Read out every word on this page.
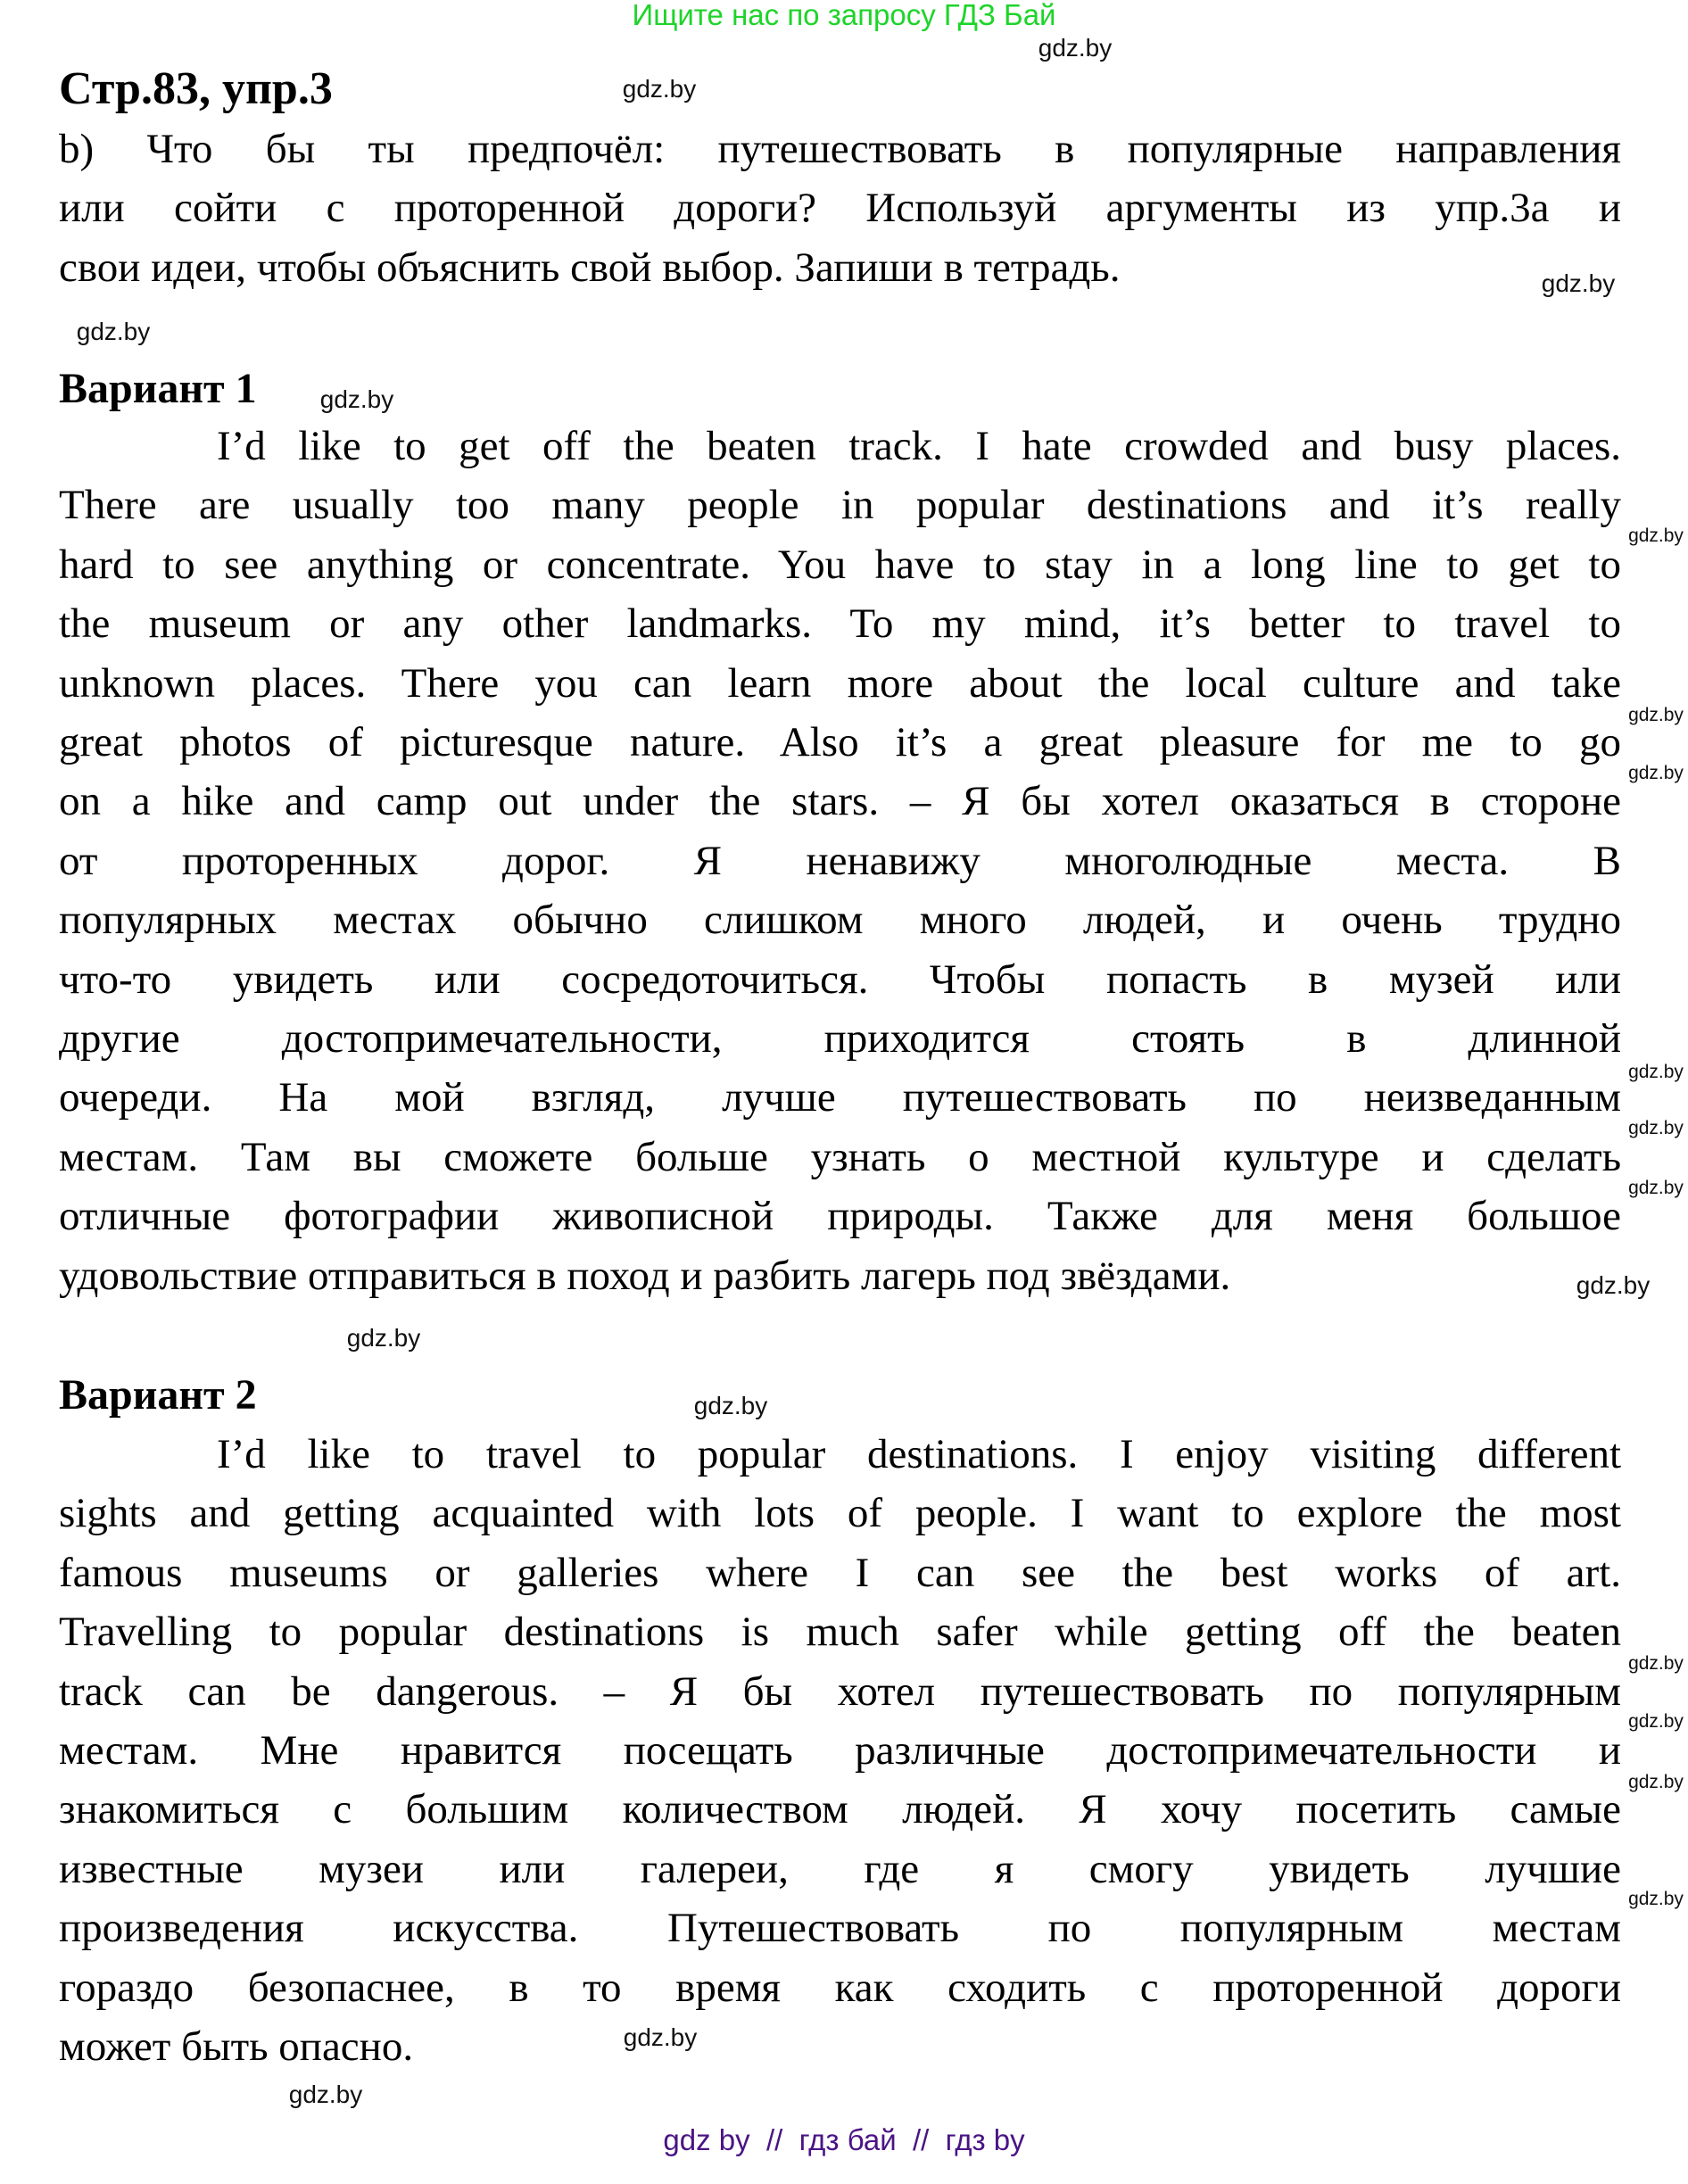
Ищите нас по запросу ГДЗ Бай
Стр.83, упр.3
b) Что бы ты предпочёл: путешествовать в популярные направления
или сойти с проторенной дороги? Используй аргументы из упр.3а и
свои идеи, чтобы объяснить свой выбор. Запиши в тетрадь.
Вариант 1
I’d like to get off the beaten track. I hate crowded and busy places.
There are usually too many people in popular destinations and it’s really
hard to see anything or concentrate. You have to stay in a long line to get to
the museum or any other landmarks. To my mind, it’s better to travel to
unknown places. There you can learn more about the local culture and take
great photos of picturesque nature. Also it’s a great pleasure for me to go
on a hike and camp out under the stars. – Я бы хотел оказаться в стороне
от проторенных дорог. Я ненавижу многолюдные места. В
популярных местах обычно слишком много людей, и очень трудно
что-то увидеть или сосредоточиться. Чтобы попасть в музей или
другие достопримечательности, приходится стоять в длинной
очереди. На мой взгляд, лучше путешествовать по неизведанным
местам. Там вы сможете больше узнать о местной культуре и сделать
отличные фотографии живописной природы. Также для меня большое
удовольствие отправиться в поход и разбить лагерь под звёздами.
Вариант 2
I’d like to travel to popular destinations. I enjoy visiting different
sights and getting acquainted with lots of people. I want to explore the most
famous museums or galleries where I can see the best works of art.
Travelling to popular destinations is much safer while getting off the beaten
track can be dangerous. – Я бы хотел путешествовать по популярным
местам. Мне нравится посещать различные достопримечательности и
знакомиться с большим количеством людей. Я хочу посетить самые
известные музеи или галереи, где я смогу увидеть лучшие
произведения искусства. Путешествовать по популярным местам
гораздо безопаснее, в то время как сходить с проторенной дороги
может быть опасно.
gdz.by
gdz.by
gdz.by
gdz.by
gdz.by
gdz.by
gdz.by
gdz.by
gdz.by
gdz.by
gdz.by
gdz.by
gdz.by
gdz.by
gdz.by
gdz.by
gdz.by
gdz.by
gdz.by
gdz.by
gdz by  //  гдз бай  //  гдз by
